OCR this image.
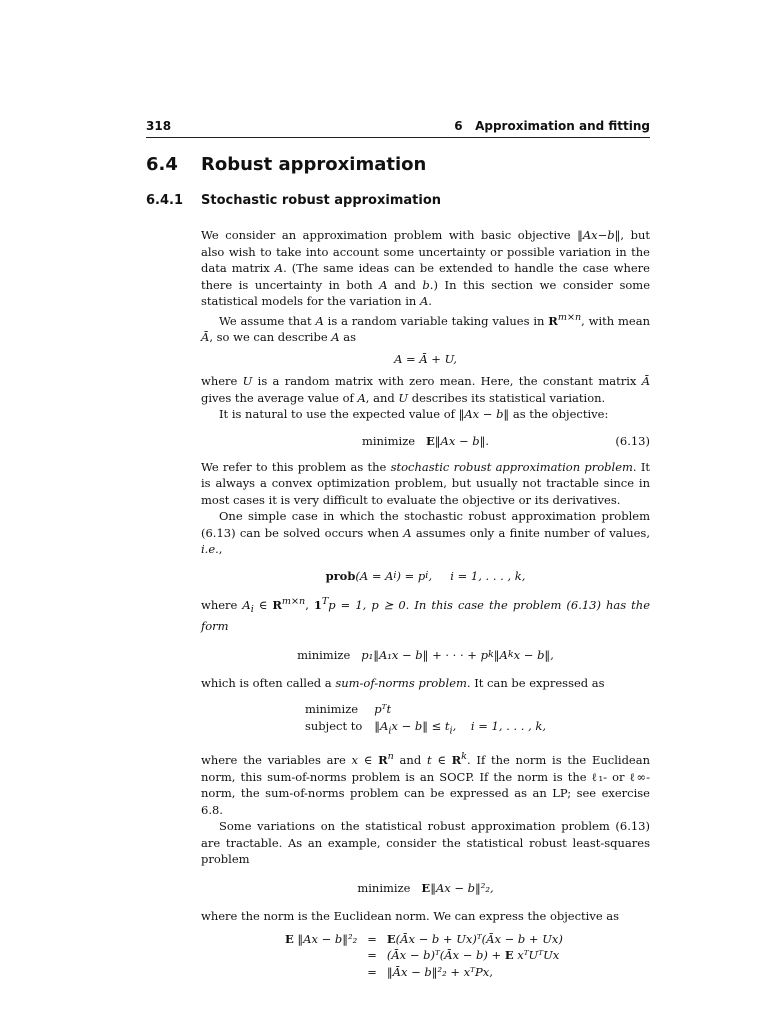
318	6   Approximation and fitting
6.4 Robust approximation
6.4.1 Stochastic robust approximation

We consider an approximation problem with basic objective ‖Ax−b‖, but also wish to take into account some uncertainty or possible variation in the data matrix A. (The same ideas can be extended to handle the case where there is uncertainty in both A and b.) In this section we consider some statistical models for the variation in A.

We assume that A is a random variable taking values in $R^{m\times n}$, with mean Ā, so we can describe A as

A = Ā + U,

where U is a random matrix with zero mean. Here, the constant matrix Ā gives the average value of A, and U describes its statistical variation.

It is natural to use the expected value of ‖Ax − b‖ as the objective:

minimize
E ‖Ax − b‖.	(6.13)

We refer to this problem as the stochastic robust approximation problem. It is always a convex optimization problem, but usually not tractable since in most cases it is very difficult to evaluate the objective or its derivatives.

One simple case in which the stochastic robust approximation problem (6.13) can be solved occurs when A assumes only a finite number of values, i.e.,

prob (A = A i ) = p i ,     i = 1, . . . , k,

where $A_i$ ∈ $R^{m\times n}$, $1^Tp = 1$, p ⪰ 0. In this case the problem (6.13) has the form

minimize
p₁‖A₁x − b‖ + · · · + p k ‖A k x − b‖,

which is often called a sum-of-norms problem. It can be expressed as

minimize	pᵀt
subject to $‖A_ix$ − b‖ ≤ $t_i$,    i = 1, . . . , k,

where the variables are x ∈ $R^n$ and t ∈ $R^k$. If the norm is the Euclidean norm, this sum-of-norms problem is an SOCP. If the norm is the ℓ₁- or ℓ∞-norm, the sum-of-norms problem can be expressed as an LP; see exercise 6.8.

Some variations on the statistical robust approximation problem (6.13) are tractable. As an example, consider the statistical robust least-squares problem

minimize
E ‖Ax − b‖²₂,

where the norm is the Euclidean norm. We can express the objective as

E ‖Ax − b‖²₂ = E(Āx − b + Ux)ᵀ(Āx − b + Ux)
= (Āx − b)ᵀ(Āx − b) + E xᵀUᵀUx
= ‖Āx − b‖²₂ + xᵀPx,
